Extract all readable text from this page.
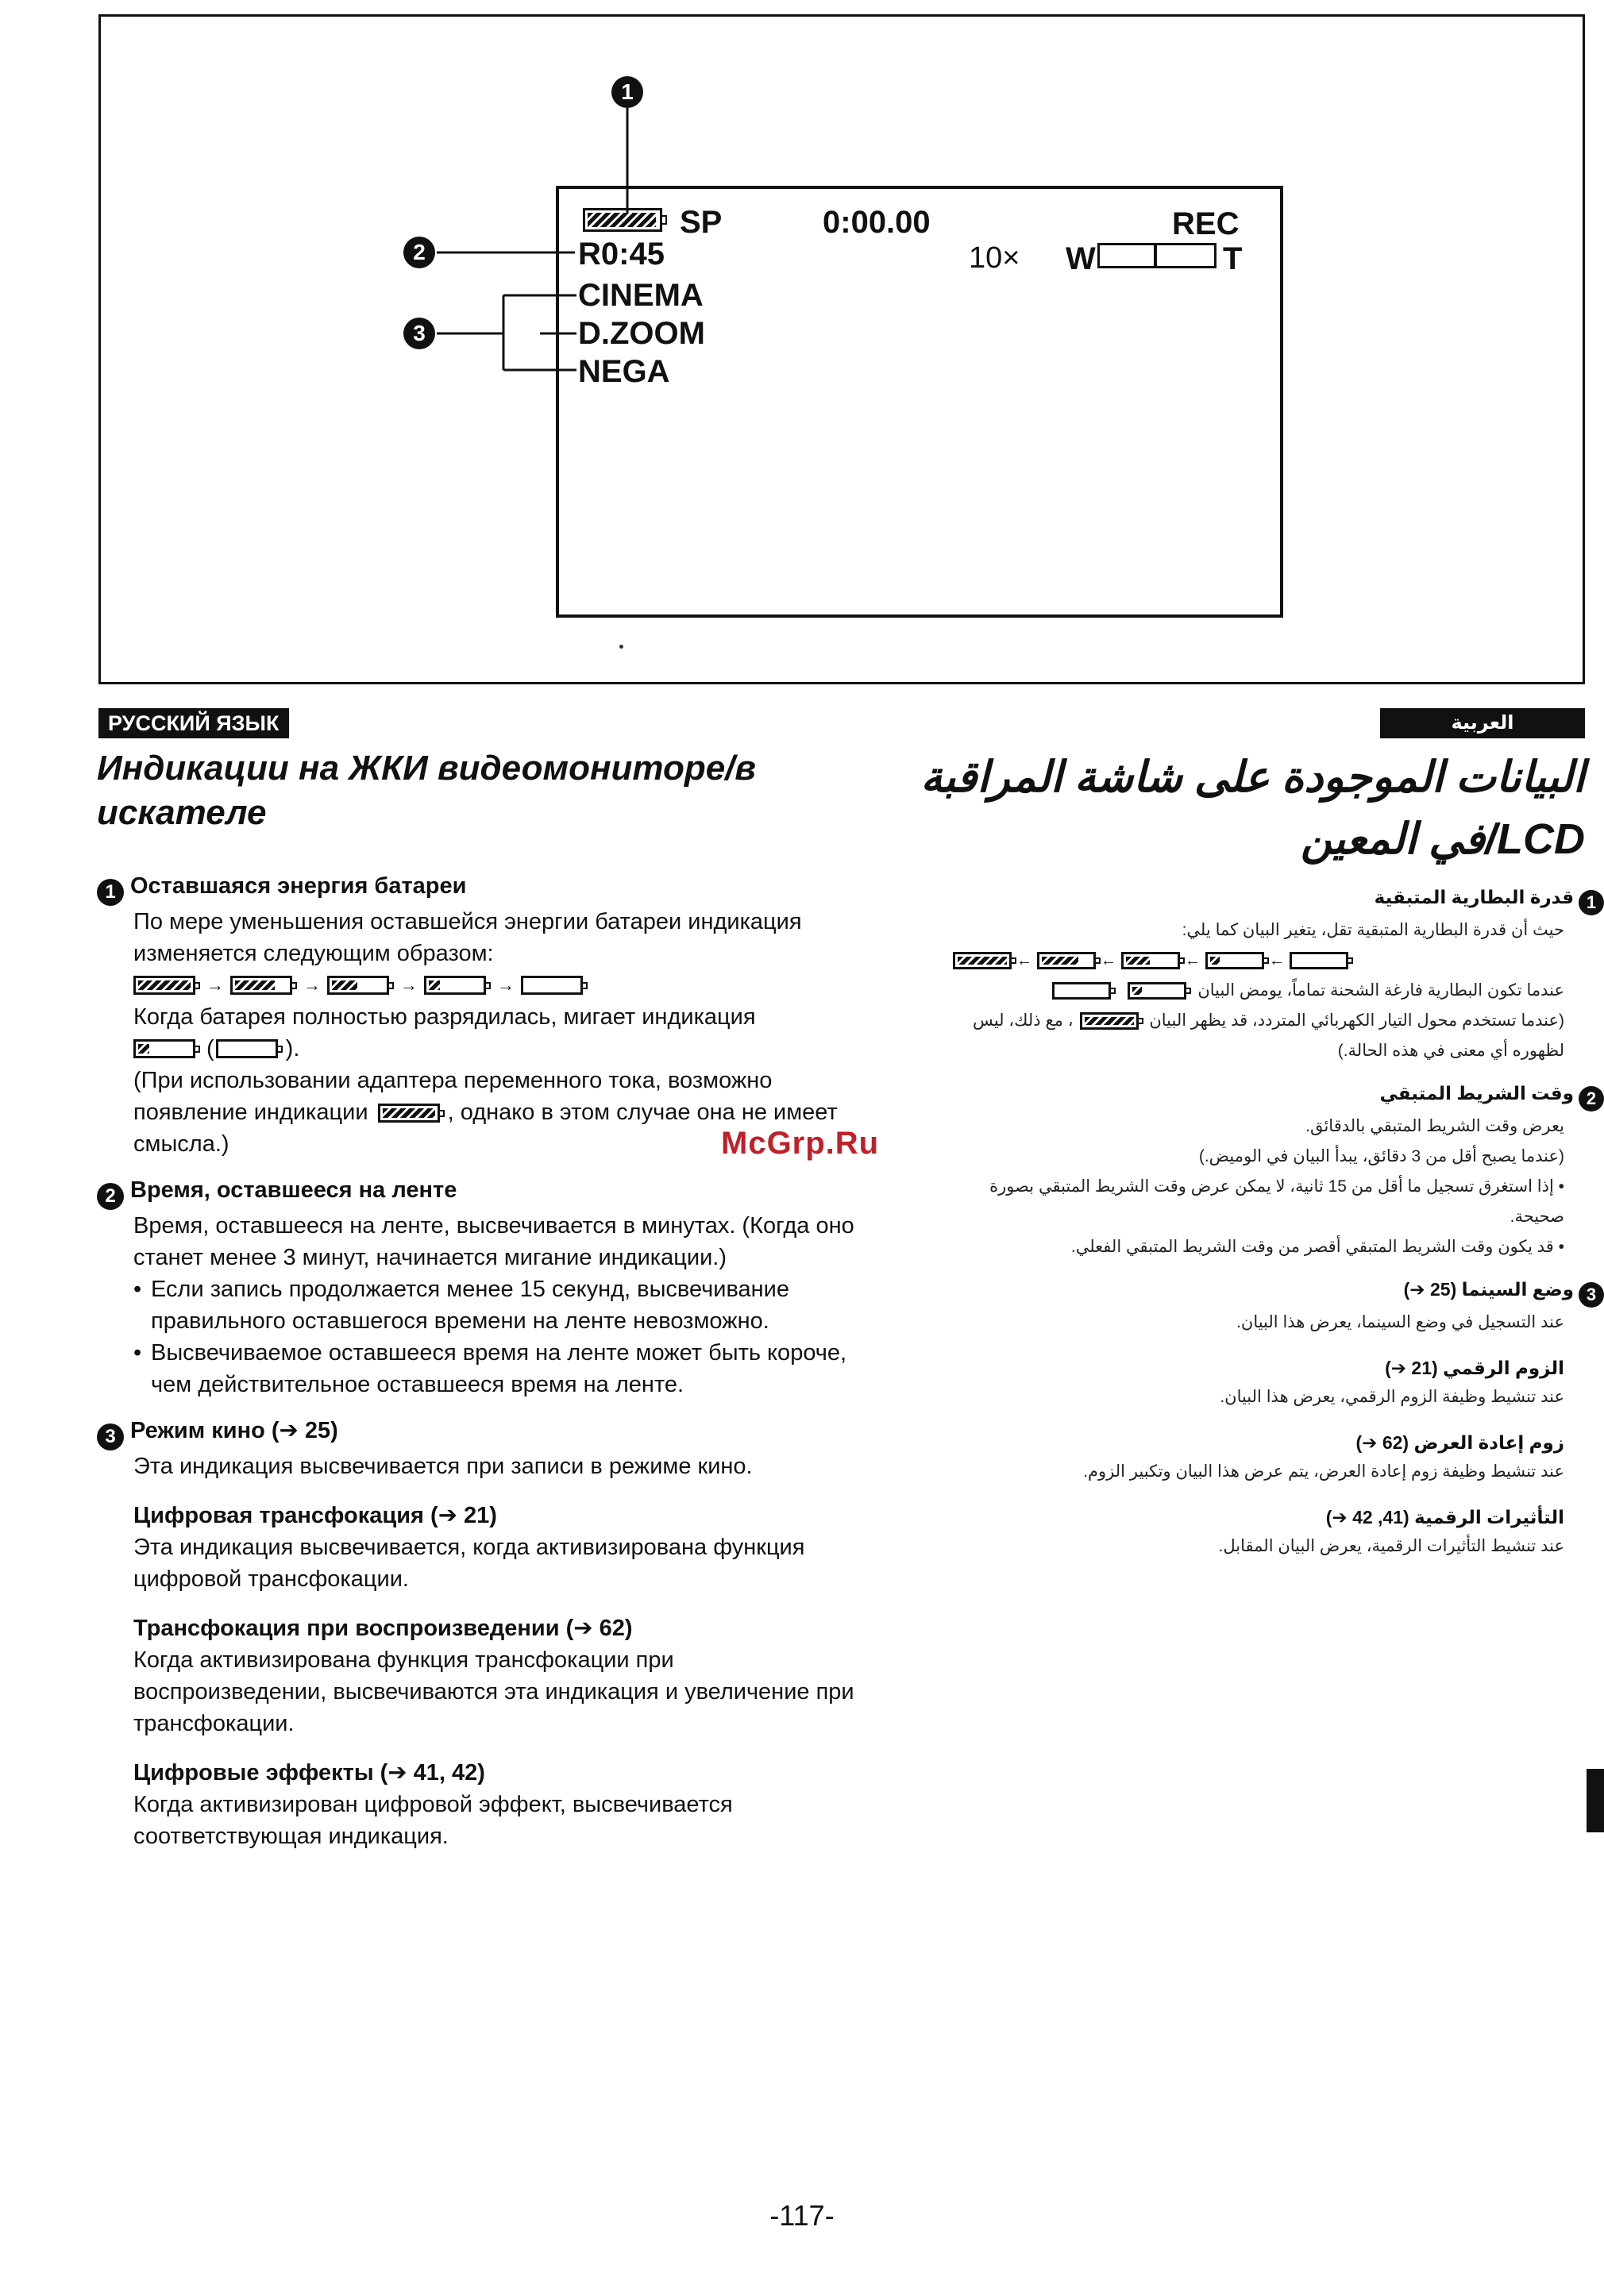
1
2
3
SP	0:00.00	REC
R0:45	10× W	T
CINEMA
D.ZOOM
NEGA
РУССКИЙ ЯЗЫК	العربية
Индикации на ЖКИ видеомониторе/в искателе
البيانات الموجودة على شاشة المراقبة
LCD/في المعين
1 Оставшаяся энергия батареи
По мере уменьшения оставшейся энергии батареи индикация изменяется следующим образом:
→	→	→	→
Когда батарея полностью разрядилась, мигает индикация
(	).
(При использовании адаптера переменного тока, возможно появление индикации	, однако в этом случае она не имеет смысла.)
2 Время, оставшееся на ленте
Время, оставшееся на ленте, высвечивается в минутах. (Когда оно станет менее 3 минут, начинается мигание индикации.)
• Если запись продолжается менее 15 секунд, высвечивание правильного оставшегося времени на ленте невозможно.
• Высвечиваемое оставшееся время на ленте может быть короче, чем действительное оставшееся время на ленте.
3 Режим кино (➔ 25)
Эта индикация высвечивается при записи в режиме кино.
Цифровая трансфокация (➔ 21)
Эта индикация высвечивается, когда активизирована функция цифровой трансфокации.
Трансфокация при воспроизведении (➔ 62)
Когда активизирована функция трансфокации при воспроизведении, высвечиваются эта индикация и увеличение при трансфокации.
Цифровые эффекты (➔ 41, 42)
Когда активизирован цифровой эффект, высвечивается соответствующая индикация.
McGrp.Ru
1قدرة البطارية المتبقية
حيث أن قدرة البطارية المتبقية تقل، يتغير البيان كما يلي:
←	←	←	←
عندما تكون البطارية فارغة الشحنة تماماً، يومض البيان

(عندما تستخدم محول التيار الكهربائي المتردد، قد يظهر البيان
، مع ذلك، ليس لظهوره أي معنى في هذه الحالة.)
2وقت الشريط المتبقي
يعرض وقت الشريط المتبقي بالدقائق.
(عندما يصبح أقل من 3 دقائق، يبدأ البيان في الوميض.)
• إذا استغرق تسجيل ما أقل من 15 ثانية، لا يمكن عرض وقت الشريط المتبقي بصورة صحيحة.
• قد يكون وقت الشريط المتبقي أقصر من وقت الشريط المتبقي الفعلي.
3وضع السينما (25 ➔)
عند التسجيل في وضع السينما، يعرض هذا البيان.
الزوم الرقمي (21 ➔)
عند تنشيط وظيفة الزوم الرقمي، يعرض هذا البيان.
زوم إعادة العرض (62 ➔)
عند تنشيط وظيفة زوم إعادة العرض، يتم عرض هذا البيان وتكبير الزوم.
التأثيرات الرقمية (41, 42 ➔)
عند تنشيط التأثيرات الرقمية، يعرض البيان المقابل.
-117-
